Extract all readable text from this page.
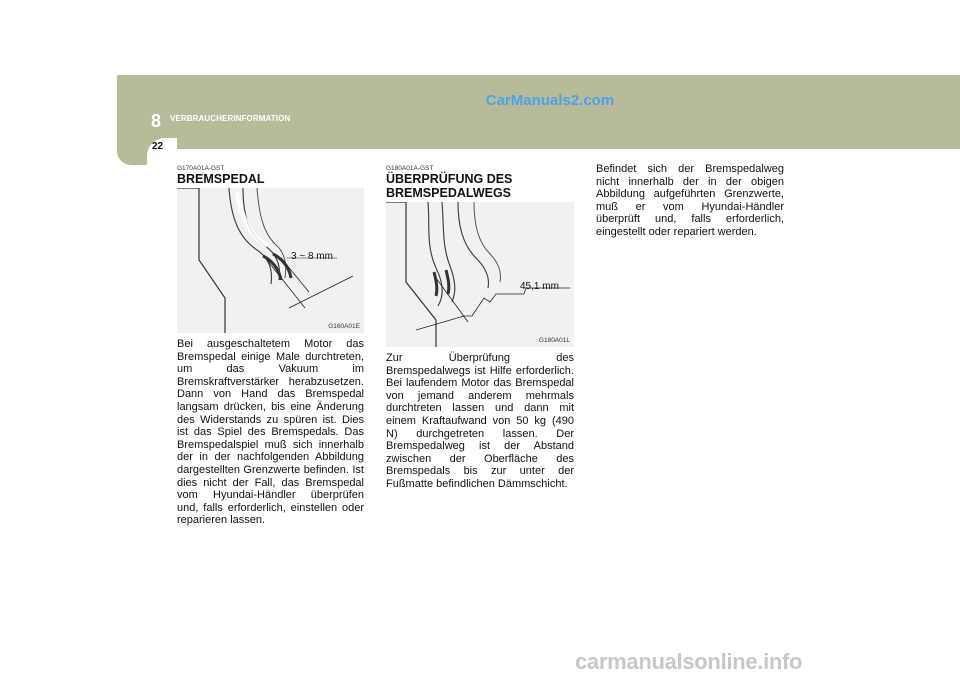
8 VERBRAUCHERINFORMATION
22
CarManuals2.com
G170A01A-GST
BREMSPEDAL
3 ~ 8 mm
G160A01E
Bei ausgeschaltetem Motor das Bremspedal einige Male durchtreten, um das Vakuum im Bremskraftverstärker herabzusetzen. Dann von Hand das Bremspedal langsam drücken, bis eine Änderung des Widerstands zu spüren ist. Dies ist das Spiel des Bremspedals. Das Bremspedalspiel muß sich innerhalb der in der nachfolgenden Abbildung dargestellten Grenzwerte befinden. Ist dies nicht der Fall, das Bremspedal vom Hyundai-Händler überprüfen und, falls erforderlich, einstellen oder reparieren lassen.
G180A01A-GST
ÜBERPRÜFUNG DES BREMSPEDALWEGS
45,1 mm
G180A01L
Zur Überprüfung des Bremspedalwegs ist Hilfe erforderlich. Bei laufendem Motor das Bremspedal von jemand anderem mehrmals durchtreten lassen und dann mit einem Kraftaufwand von 50 kg (490 N) durchgetreten lassen. Der Bremspedalweg ist der Abstand zwischen der Oberfläche des Bremspedals bis zur unter der Fußmatte befindlichen Dämmschicht.
Befindet sich der Bremspedalweg nicht innerhalb der in der obigen Abbildung aufgeführten Grenzwerte, muß er vom Hyundai-Händler überprüft und, falls erforderlich, eingestellt oder repariert werden.
carmanualsonline.info
